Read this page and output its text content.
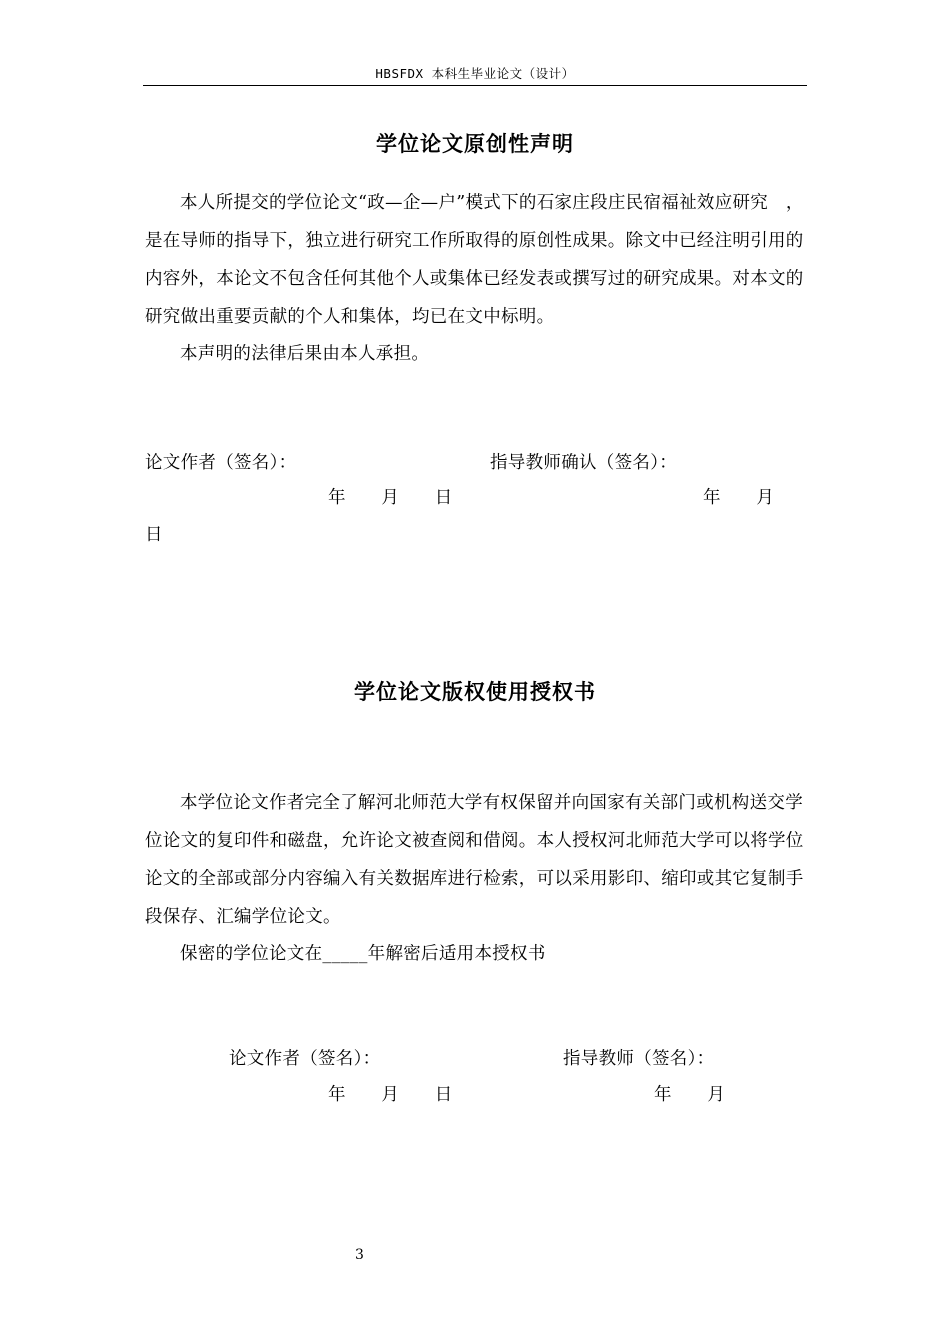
HBSFDX 本科生毕业论文（设计）
学位论文原创性声明

本人所提交的学位论文“政—企—户”模式下的石家庄段庄民宿福祉效应研究　，是在导师的指导下，独立进行研究工作所取得的原创性成果。除文中已经注明引用的内容外，本论文不包含任何其他个人或集体已经发表或撰写过的研究成果。对本文的研究做出重要贡献的个人和集体，均已在文中标明。

本声明的法律后果由本人承担。

论文作者（签名）：	指导教师确认（签名）：
年　　月　　日	年　　月
日
学位论文版权使用授权书

本学位论文作者完全了解河北师范大学有权保留并向国家有关部门或机构送交学位论文的复印件和磁盘，允许论文被查阅和借阅。本人授权河北师范大学可以将学位论文的全部或部分内容编入有关数据库进行检索，可以采用影印、缩印或其它复制手段保存、汇编学位论文。

保密的学位论文在_____年解密后适用本授权书

论文作者（签名）：	指导教师（签名）：
年　　月　　日	年　　月
3
